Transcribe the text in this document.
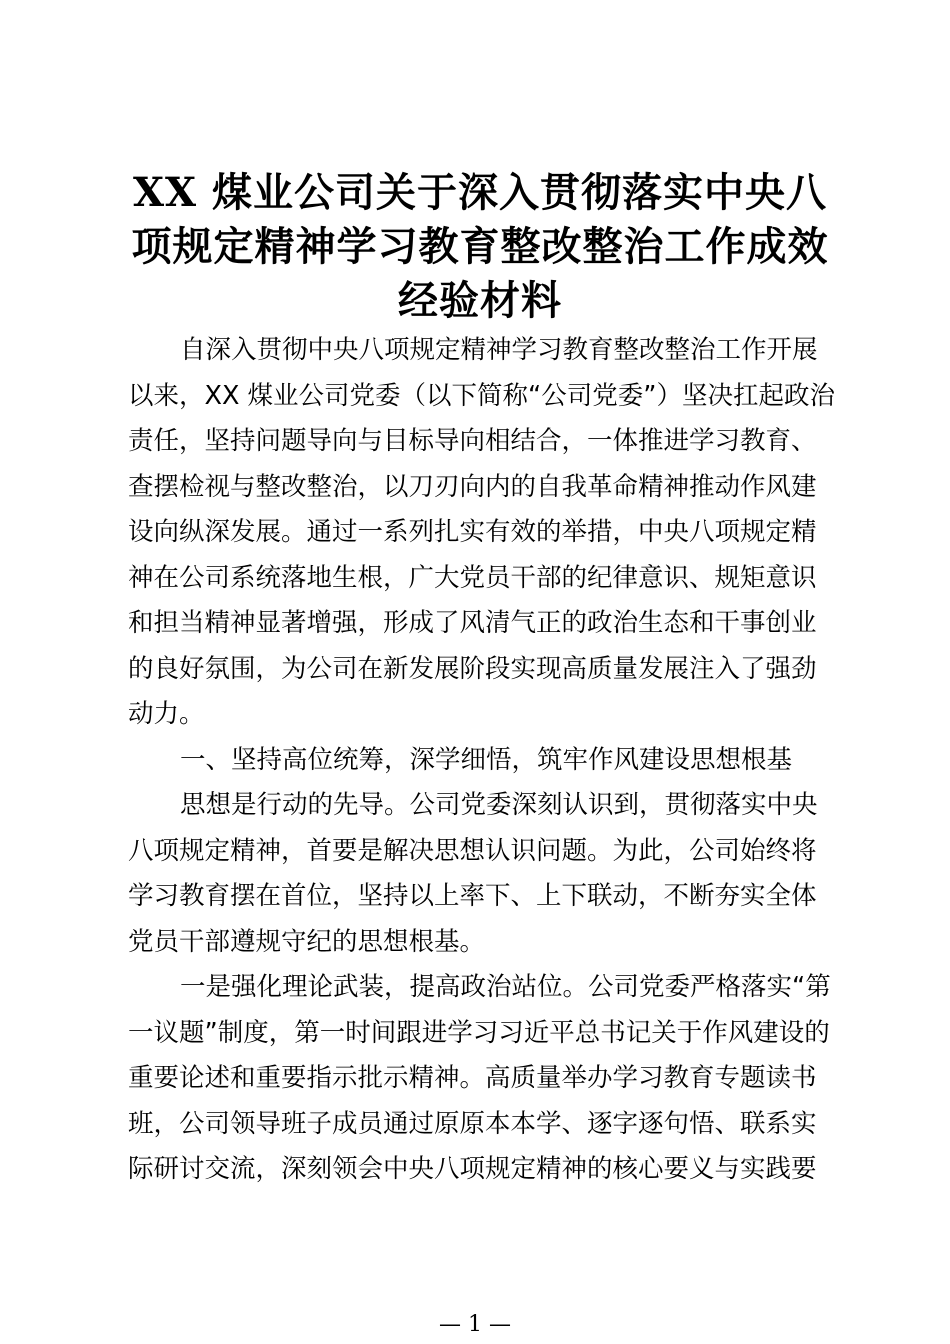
XX 煤业公司关于深入贯彻落实中央八
项规定精神学习教育整改整治工作成效
经验材料
自深入贯彻中央八项规定精神学习教育整改整治工作开展
以来，XX 煤业公司党委（以下简称“公司党委”）坚决扛起政治
责任，坚持问题导向与目标导向相结合，一体推进学习教育、
查摆检视与整改整治，以刀刃向内的自我革命精神推动作风建
设向纵深发展。通过一系列扎实有效的举措，中央八项规定精
神在公司系统落地生根，广大党员干部的纪律意识、规矩意识
和担当精神显著增强，形成了风清气正的政治生态和干事创业
的良好氛围，为公司在新发展阶段实现高质量发展注入了强劲
动力。
一、坚持高位统筹，深学细悟，筑牢作风建设思想根基
思想是行动的先导。公司党委深刻认识到，贯彻落实中央
八项规定精神，首要是解决思想认识问题。为此，公司始终将
学习教育摆在首位，坚持以上率下、上下联动，不断夯实全体
党员干部遵规守纪的思想根基。
一是强化理论武装，提高政治站位。公司党委严格落实“第
一议题”制度，第一时间跟进学习习近平总书记关于作风建设的
重要论述和重要指示批示精神。高质量举办学习教育专题读书
班，公司领导班子成员通过原原本本学、逐字逐句悟、联系实
际研讨交流，深刻领会中央八项规定精神的核心要义与实践要
— 1 —
